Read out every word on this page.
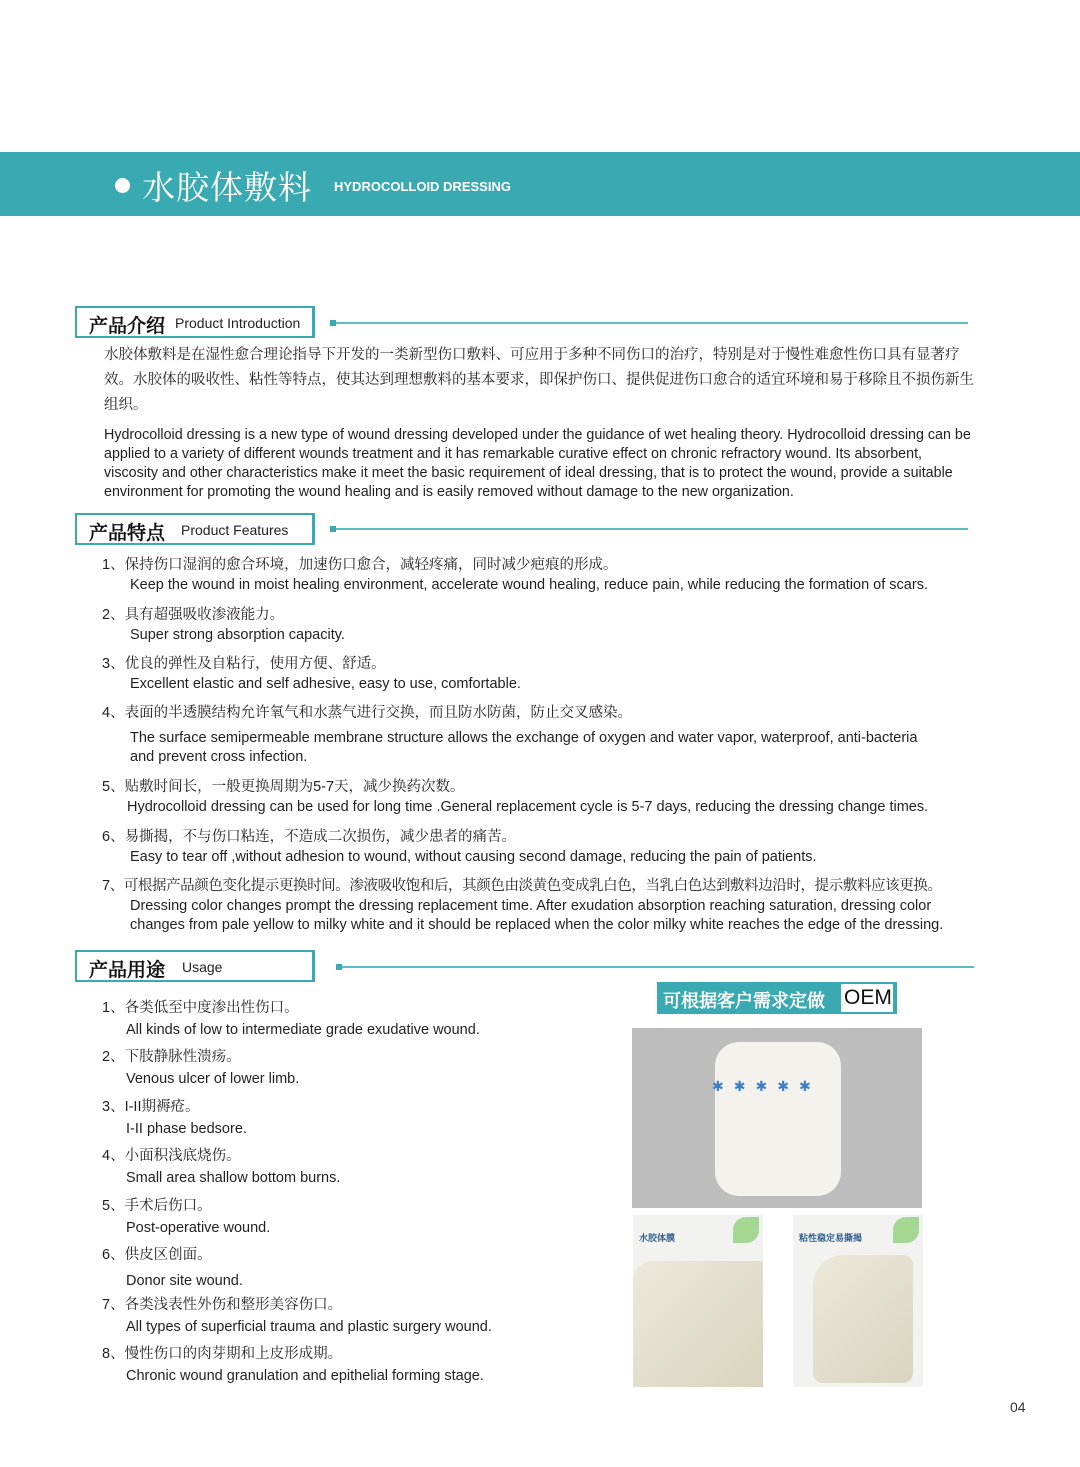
水胶体敷料 HYDROCOLLOID DRESSING
产品介绍 Product Introduction
水胶体敷料是在湿性愈合理论指导下开发的一类新型伤口敷料、可应用于多种不同伤口的治疗，特别是对于慢性难愈性伤口具有显著疗效。水胶体的吸收性、粘性等特点，使其达到理想敷料的基本要求，即保护伤口、提供促进伤口愈合的适宜环境和易于移除且不损伤新生组织。
Hydrocolloid dressing is a new type of wound dressing developed under the guidance of wet healing theory. Hydrocolloid dressing can be applied to a variety of different wounds treatment and it has remarkable curative effect on chronic refractory wound. Its absorbent, viscosity and other characteristics make it meet the basic requirement of ideal dressing, that is to protect the wound, provide a suitable environment for promoting the wound healing and is easily removed without damage to the new organization.
产品特点 Product Features
1、保持伤口湿润的愈合环境，加速伤口愈合，减轻疼痛，同时减少疤痕的形成。
Keep the wound in moist healing environment, accelerate wound healing, reduce pain, while reducing the formation of scars.
2、具有超强吸收渗液能力。
Super strong absorption capacity.
3、优良的弹性及自粘行，使用方便、舒适。
Excellent elastic and self adhesive, easy to use, comfortable.
4、表面的半透膜结构允许氧气和水蒸气进行交换，而且防水防菌，防止交叉感染。
The surface semipermeable membrane structure allows the exchange of oxygen and water vapor, waterproof, anti-bacteria and prevent cross infection.
5、贴敷时间长，一般更换周期为5-7天，减少换药次数。
Hydrocolloid dressing can be used for long time .General replacement cycle is 5-7 days, reducing the dressing change times.
6、易撕揭，不与伤口粘连，不造成二次损伤，减少患者的痛苦。
Easy to tear off ,without adhesion to wound, without causing second damage, reducing the pain of patients.
7、可根据产品颜色变化提示更换时间。渗液吸收饱和后，其颜色由淡黄色变成乳白色，当乳白色达到敷料边沿时，提示敷料应该更换。
Dressing color changes prompt the dressing replacement time. After exudation absorption reaching saturation, dressing color changes from pale yellow to milky white and it should be replaced when the color milky white reaches the edge of the dressing.
产品用途 Usage
1、各类低至中度渗出性伤口。
All kinds of low to intermediate grade exudative wound.
2、下肢静脉性溃疡。
Venous ulcer of lower limb.
3、I-II期褥疮。
I-II phase bedsore.
4、小面积浅底烧伤。
Small area shallow bottom burns.
5、手术后伤口。
Post-operative wound.
6、供皮区创面。
Donor site wound.
7、各类浅表性外伤和整形美容伤口。
All types of superficial trauma and plastic surgery wound.
8、慢性伤口的肉芽期和上皮形成期。
Chronic wound granulation and epithelial forming stage.
可根据客户需求定做 OEM
✱ ✱ ✱ ✱ ✱
水胶体膜	粘性稳定易撕揭
04
